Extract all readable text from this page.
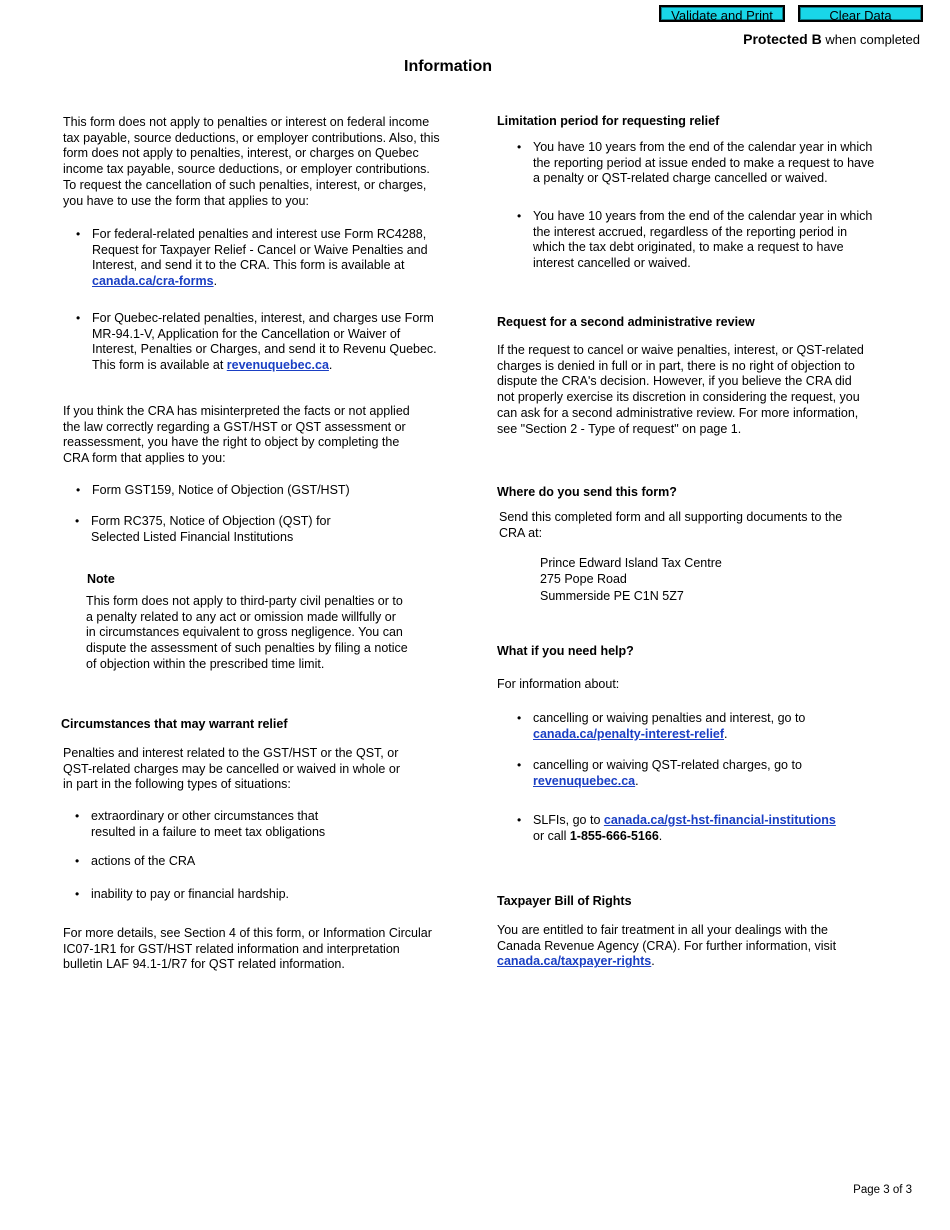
Validate and Print	Clear Data
Protected B when completed
Information

This form does not apply to penalties or interest on federal income tax payable, source deductions, or employer contributions. Also, this form does not apply to penalties, interest, or charges on Quebec income tax payable, source deductions, or employer contributions. To request the cancellation of such penalties, interest, or charges, you have to use the form that applies to you:

• For federal-related penalties and interest use Form RC4288, Request for Taxpayer Relief - Cancel or Waive Penalties and Interest, and send it to the CRA. This form is available at canada.ca/cra-forms.
• For Quebec-related penalties, interest, and charges use Form MR-94.1-V, Application for the Cancellation or Waiver of Interest, Penalties or Charges, and send it to Revenu Quebec. This form is available at revenuquebec.ca.

If you think the CRA has misinterpreted the facts or not applied the law correctly regarding a GST/HST or QST assessment or reassessment, you have the right to object by completing the CRA form that applies to you:

• Form GST159, Notice of Objection (GST/HST)
• Form RC375, Notice of Objection (QST) for
Selected Listed Financial Institutions
Note

This form does not apply to third-party civil penalties or to a penalty related to any act or omission made willfully or in circumstances equivalent to gross negligence. You can dispute the assessment of such penalties by filing a notice of objection within the prescribed time limit.

Circumstances that may warrant relief

Penalties and interest related to the GST/HST or the QST, or QST-related charges may be cancelled or waived in whole or in part in the following types of situations:

• extraordinary or other circumstances that
resulted in a failure to meet tax obligations
• actions of the CRA
• inability to pay or financial hardship.

For more details, see Section 4 of this form, or Information Circular IC07-1R1 for GST/HST related information and interpretation bulletin LAF 94.1-1/R7 for QST related information.

Limitation period for requesting relief
• You have 10 years from the end of the calendar year in which the reporting period at issue ended to make a request to have a penalty or QST-related charge cancelled or waived.
• You have 10 years from the end of the calendar year in which the interest accrued, regardless of the reporting period in which the tax debt originated, to make a request to have interest cancelled or waived.
Request for a second administrative review

If the request to cancel or waive penalties, interest, or QST-related charges is denied in full or in part, there is no right of objection to dispute the CRA's decision. However, if you believe the CRA did not properly exercise its discretion in considering the request, you can ask for a second administrative review. For more information, see "Section 2 - Type of request" on page 1.

Where do you send this form?

Send this completed form and all supporting documents to the CRA at:

Prince Edward Island Tax Centre
275 Pope Road
Summerside PE C1N 5Z7
What if you need help?

For information about:

• cancelling or waiving penalties and interest, go to
canada.ca/penalty-interest-relief.
• cancelling or waiving QST-related charges, go to
revenuquebec.ca.
• SLFIs, go to canada.ca/gst-hst-financial-institutions
or call 1-855-666-5166.
Taxpayer Bill of Rights

You are entitled to fair treatment in all your dealings with the Canada Revenue Agency (CRA). For further information, visit canada.ca/taxpayer-rights.

Page 3 of 3
